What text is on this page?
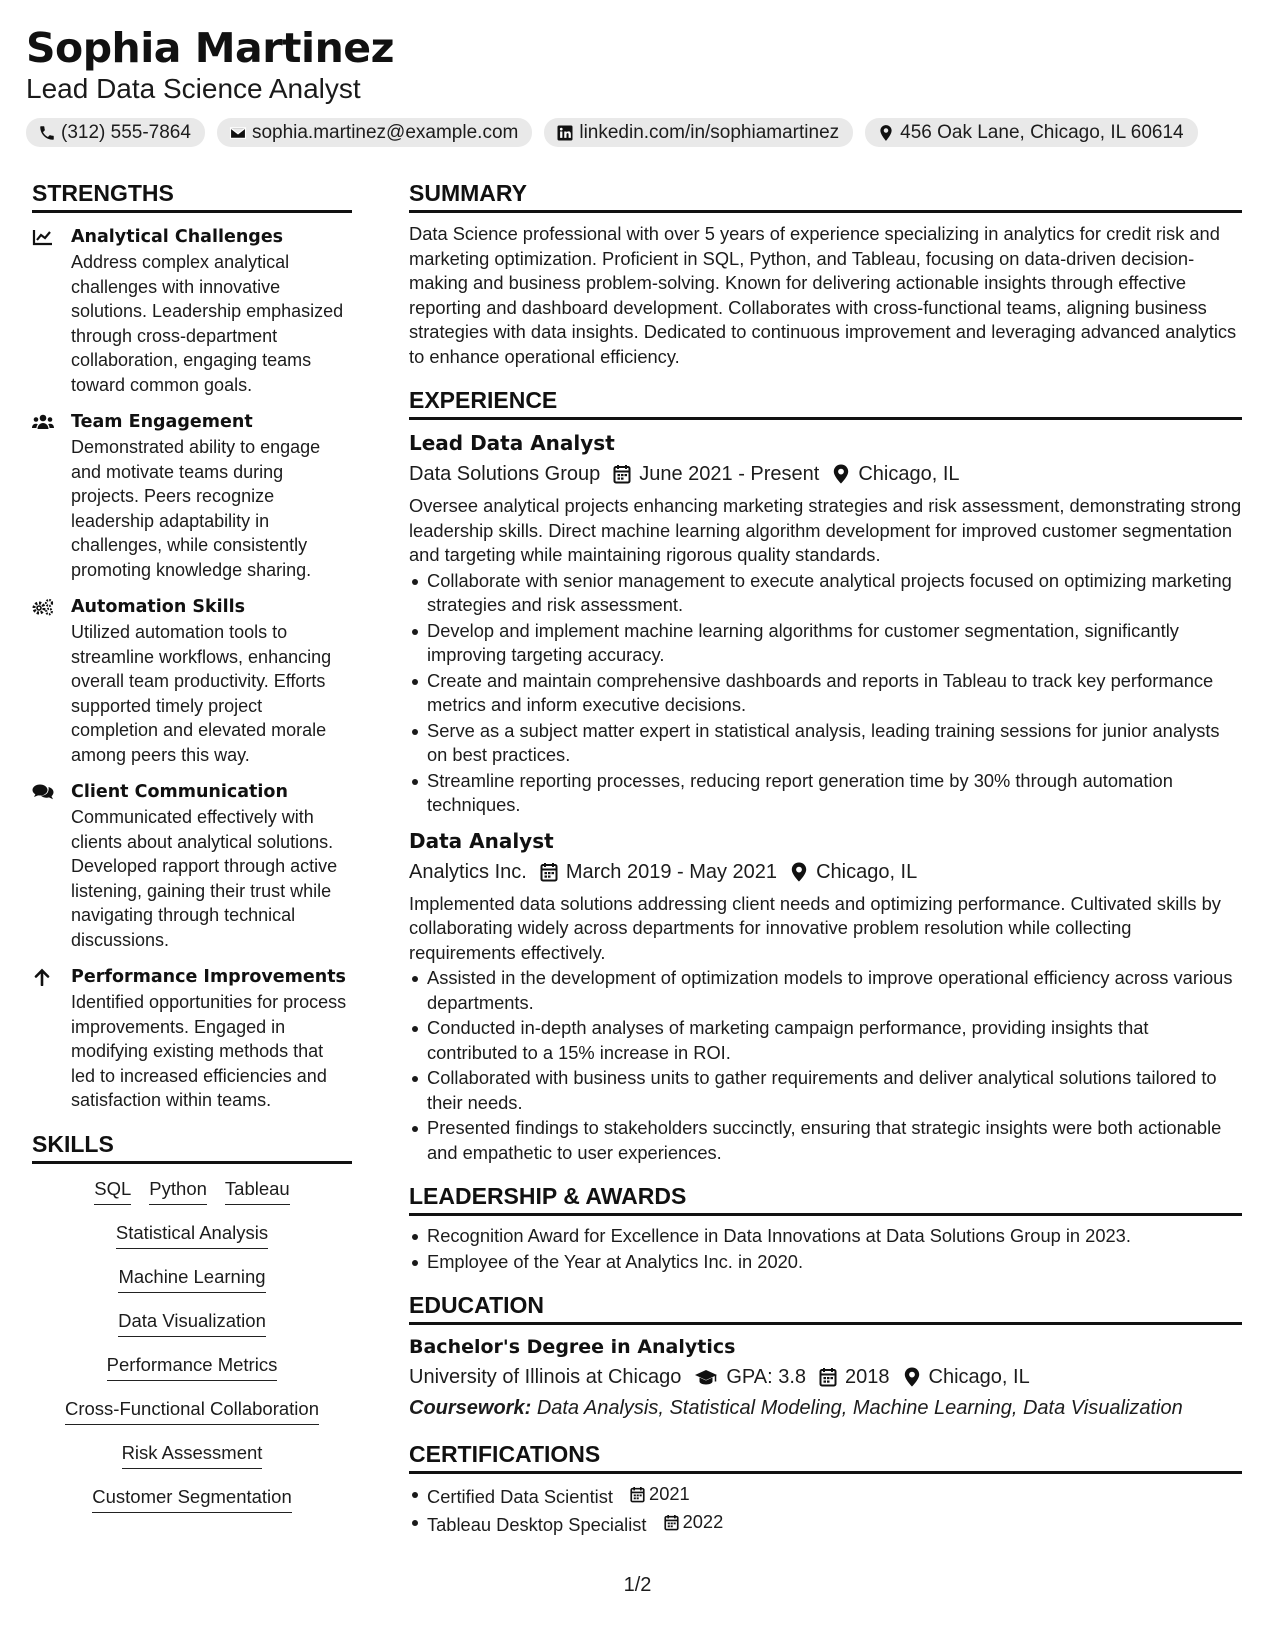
Sophia Martinez
Lead Data Science Analyst
(312) 555-7864	sophia.martinez@example.com	linkedin.com/in/sophiamartinez	456 Oak Lane, Chicago, IL 60614
STRENGTHS
Analytical Challenges
Address complex analytical challenges with innovative solutions. Leadership emphasized through cross-department collaboration, engaging teams toward common goals.
Team Engagement
Demonstrated ability to engage and motivate teams during projects. Peers recognize leadership adaptability in challenges, while consistently promoting knowledge sharing.
Automation Skills
Utilized automation tools to streamline workflows, enhancing overall team productivity. Efforts supported timely project completion and elevated morale among peers this way.
Client Communication
Communicated effectively with clients about analytical solutions. Developed rapport through active listening, gaining their trust while navigating through technical discussions.
Performance Improvements
Identified opportunities for process improvements. Engaged in modifying existing methods that led to increased efficiencies and satisfaction within teams.
SKILLS
SQL Python Tableau
Statistical Analysis
Machine Learning
Data Visualization
Performance Metrics
Cross-Functional Collaboration
Risk Assessment
Customer Segmentation
SUMMARY
Data Science professional with over 5 years of experience specializing in analytics for credit risk and marketing optimization. Proficient in SQL, Python, and Tableau, focusing on data-driven decision-making and business problem-solving. Known for delivering actionable insights through effective reporting and dashboard development. Collaborates with cross-functional teams, aligning business strategies with data insights. Dedicated to continuous improvement and leveraging advanced analytics to enhance operational efficiency.
EXPERIENCE
Lead Data Analyst
Data Solutions Group June 2021 - Present Chicago, IL
Oversee analytical projects enhancing marketing strategies and risk assessment, demonstrating strong leadership skills. Direct machine learning algorithm development for improved customer segmentation and targeting while maintaining rigorous quality standards.
Collaborate with senior management to execute analytical projects focused on optimizing marketing strategies and risk assessment.
Develop and implement machine learning algorithms for customer segmentation, significantly improving targeting accuracy.
Create and maintain comprehensive dashboards and reports in Tableau to track key performance metrics and inform executive decisions.
Serve as a subject matter expert in statistical analysis, leading training sessions for junior analysts on best practices.
Streamline reporting processes, reducing report generation time by 30% through automation techniques.
Data Analyst
Analytics Inc. March 2019 - May 2021 Chicago, IL
Implemented data solutions addressing client needs and optimizing performance. Cultivated skills by collaborating widely across departments for innovative problem resolution while collecting requirements effectively.
Assisted in the development of optimization models to improve operational efficiency across various departments.
Conducted in-depth analyses of marketing campaign performance, providing insights that contributed to a 15% increase in ROI.
Collaborated with business units to gather requirements and deliver analytical solutions tailored to their needs.
Presented findings to stakeholders succinctly, ensuring that strategic insights were both actionable and empathetic to user experiences.
LEADERSHIP & AWARDS
Recognition Award for Excellence in Data Innovations at Data Solutions Group in 2023.
Employee of the Year at Analytics Inc. in 2020.
EDUCATION
Bachelor's Degree in Analytics
University of Illinois at Chicago GPA: 3.8 2018 Chicago, IL
Coursework: Data Analysis, Statistical Modeling, Machine Learning, Data Visualization
CERTIFICATIONS
Certified Data Scientist 2021
Tableau Desktop Specialist 2022
1/2
